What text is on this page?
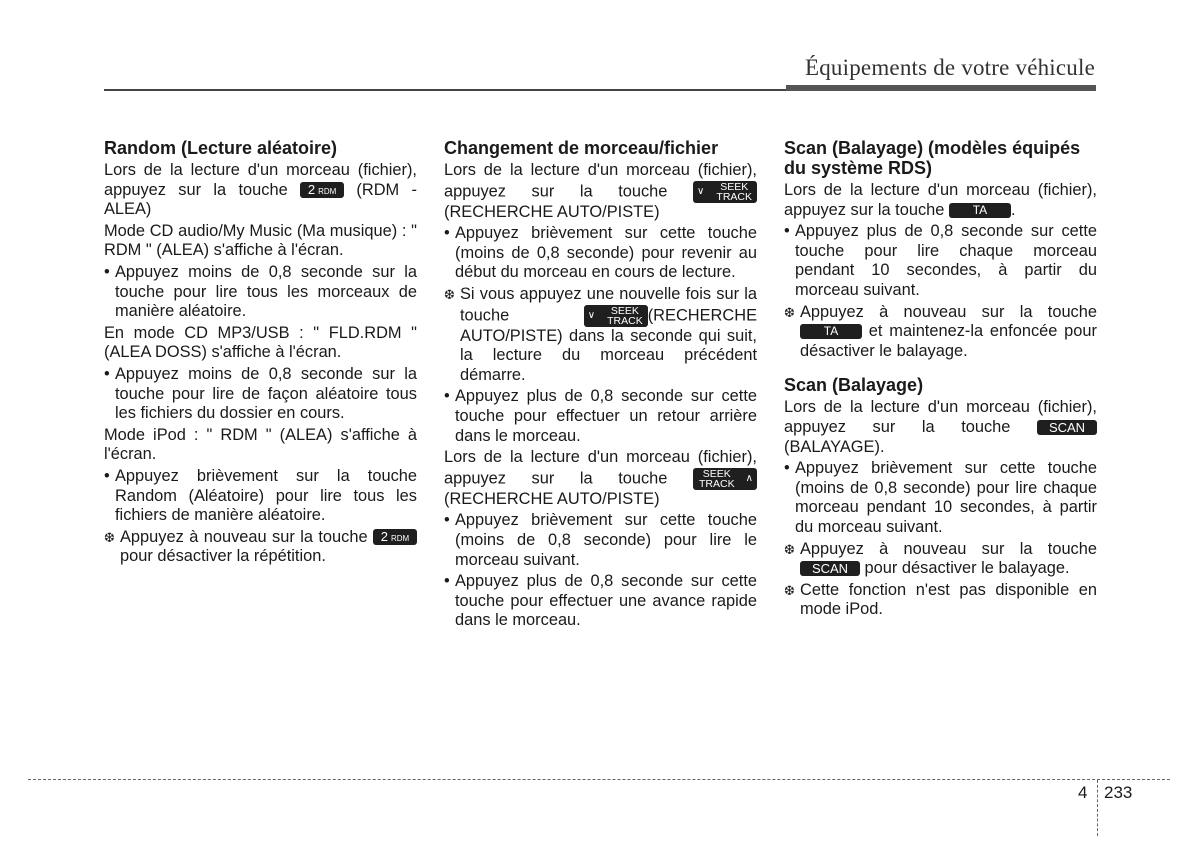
Équipements de votre véhicule
Random (Lecture aléatoire)

Lors de la lecture d'un morceau (fichier), appuyez sur la touche 2 RDM (RDM - ALEA)

Mode CD audio/My Music (Ma musique) : " RDM " (ALEA) s'affiche à l'écran.

• Appuyez moins de 0,8 seconde sur la touche pour lire tous les morceaux de manière aléatoire.

En mode CD MP3/USB : " FLD.RDM " (ALEA DOSS) s'affiche à l'écran.

• Appuyez moins de 0,8 seconde sur la touche pour lire de façon aléatoire tous les fichiers du dossier en cours.

Mode iPod : " RDM " (ALEA) s'affiche à l'écran.

• Appuyez brièvement sur la touche Random (Aléatoire) pour lire tous les fichiers de manière aléatoire.
❆ Appuyez à nouveau sur la touche 2 RDM pour désactiver la répétition.
Changement de morceau/fichier

Lors de la lecture d'un morceau (fichier), appuyez sur la touche ∨	SEEK
TRACK
(RECHERCHE AUTO/PISTE)

• Appuyez brièvement sur cette touche (moins de 0,8 seconde) pour revenir au début du morceau en cours de lecture.
❆ Si vous appuyez une nouvelle fois sur la touche ∨	SEEK
TRACK (RECHERCHE AUTO/PISTE) dans la seconde qui suit, la lecture du morceau précédent démarre.
• Appuyez plus de 0,8 seconde sur cette touche pour effectuer un retour arrière dans le morceau.

Lors de la lecture d'un morceau (fichier), appuyez sur la touche SEEK
TRACK ∧
(RECHERCHE AUTO/PISTE)

• Appuyez brièvement sur cette touche (moins de 0,8 seconde) pour lire le morceau suivant.
• Appuyez plus de 0,8 seconde sur cette touche pour effectuer une avance rapide dans le morceau.
Scan (Balayage) (modèles équipés du système RDS)

Lors de la lecture d'un morceau (fichier), appuyez sur la touche TA .

• Appuyez plus de 0,8 seconde sur cette touche pour lire chaque morceau pendant 10 secondes, à partir du morceau suivant.
❆ Appuyez à nouveau sur la touche TA et maintenez-la enfoncée pour désactiver le balayage.
Scan (Balayage)

Lors de la lecture d'un morceau (fichier), appuyez sur la touche SCAN (BALAYAGE).

• Appuyez brièvement sur cette touche (moins de 0,8 seconde) pour lire chaque morceau pendant 10 secondes, à partir du morceau suivant.
❆ Appuyez à nouveau sur la touche SCAN pour désactiver le balayage.
❆ Cette fonction n'est pas disponible en mode iPod.
4 233
